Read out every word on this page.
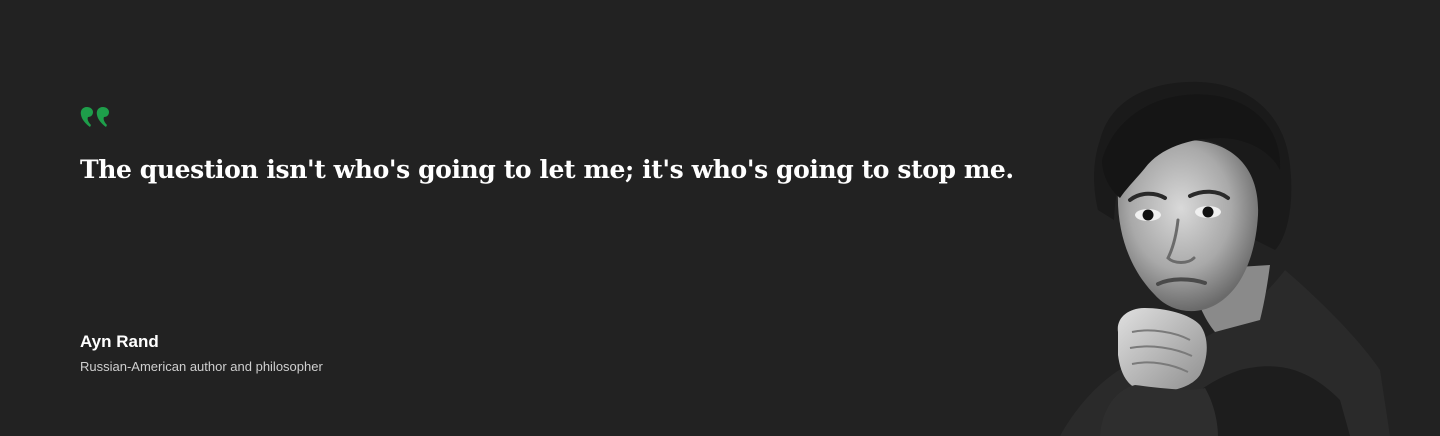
The question isn't who's going to let me; it's who's going to stop me.

Ayn Rand

Russian-American author and philosopher
